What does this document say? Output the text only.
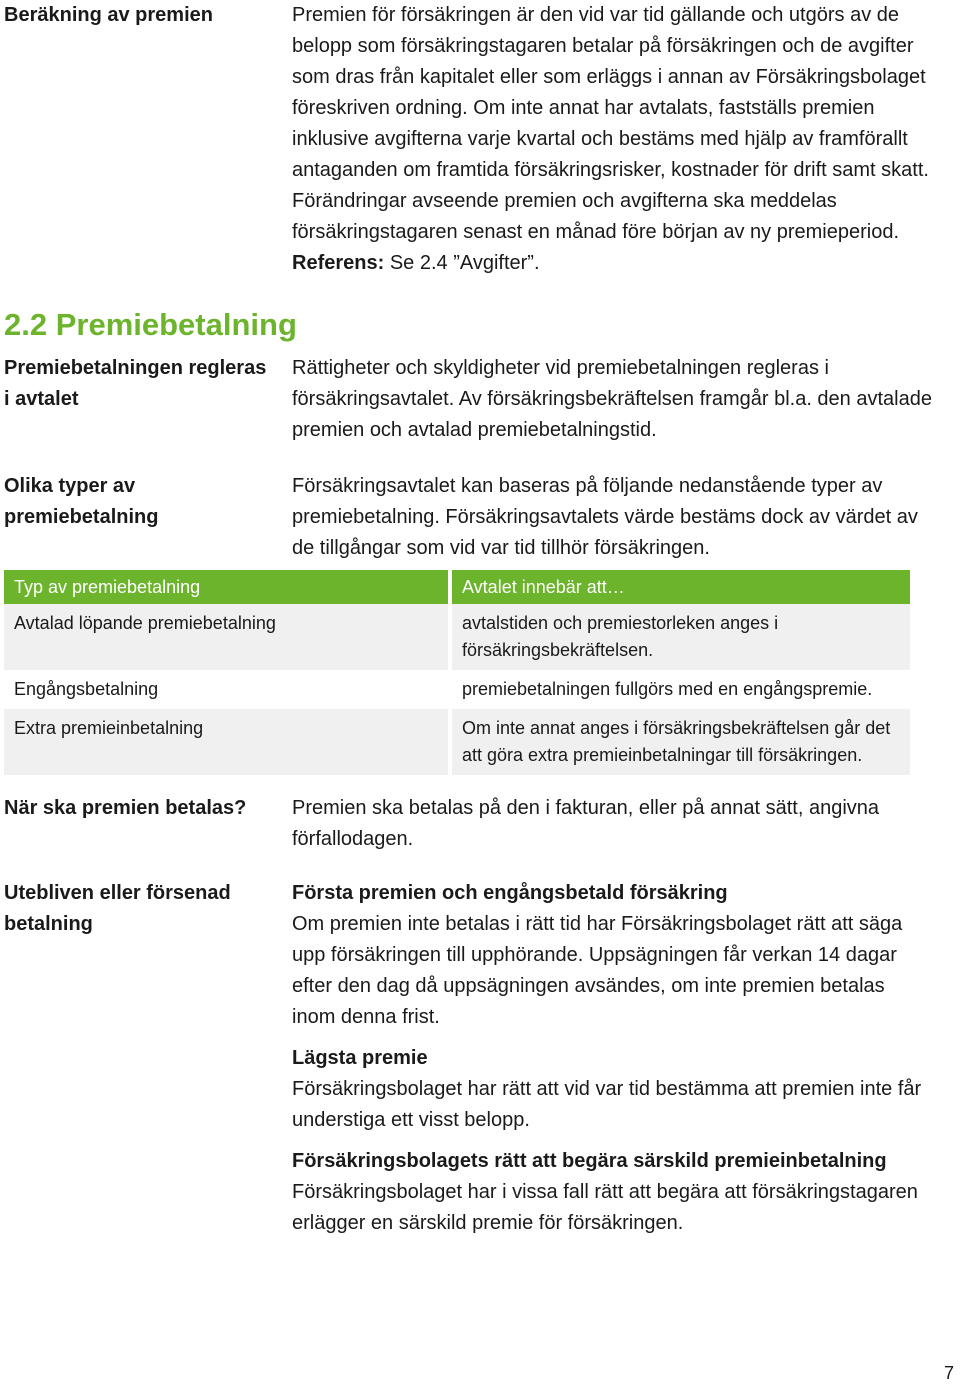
Beräkning av premien	Premien för försäkringen är den vid var tid gällande och utgörs av de belopp som försäkringstagaren betalar på försäkringen och de avgifter som dras från kapitalet eller som erläggs i annan av Försäkringsbolaget föreskriven ordning. Om inte annat har avtalats, fastställs premien inklusive avgifterna varje kvartal och bestäms med hjälp av framförallt antaganden om framtida försäkringsrisker, kostnader för drift samt skatt. Förändringar avseende premien och avgifterna ska meddelas försäkringstagaren senast en månad före början av ny premieperiod. Referens: Se 2.4 ”Avgifter”.
2.2 Premiebetalning
Premiebetalningen regleras i avtalet
Rättigheter och skyldigheter vid premiebetalningen regleras i försäkringsavtalet. Av försäkringsbekräftelsen framgår bl.a. den avtalade premien och avtalad premiebetalningstid.
Olika typer av premiebetalning
Försäkringsavtalet kan baseras på följande nedanstående typer av premiebetalning. Försäkringsavtalets värde bestäms dock av värdet av de tillgångar som vid var tid tillhör försäkringen.
Typ av premiebetalning		Avtalet innebär att…
Avtalad löpande premiebetalning		avtalstiden och premiestorleken anges i försäkringsbekräftelsen.
Engångsbetalning		premiebetalningen fullgörs med en engångspremie.
Extra premieinbetalning		Om inte annat anges i försäkringsbekräftelsen går det att göra extra premieinbetalningar till försäkringen.
När ska premien betalas?	Premien ska betalas på den i fakturan, eller på annat sätt, angivna förfallodagen.
Utebliven eller försenad betalning
Första premien och engångsbetald försäkring
Om premien inte betalas i rätt tid har Försäkringsbolaget rätt att säga upp försäkringen till upphörande. Uppsägningen får verkan 14 dagar efter den dag då uppsägningen avsändes, om inte premien betalas inom denna frist.
Lägsta premie
Försäkringsbolaget har rätt att vid var tid bestämma att premien inte får understiga ett visst belopp.
Försäkringsbolagets rätt att begära särskild premieinbetalning
Försäkringsbolaget har i vissa fall rätt att begära att försäkringstagaren erlägger en särskild premie för försäkringen.
7
